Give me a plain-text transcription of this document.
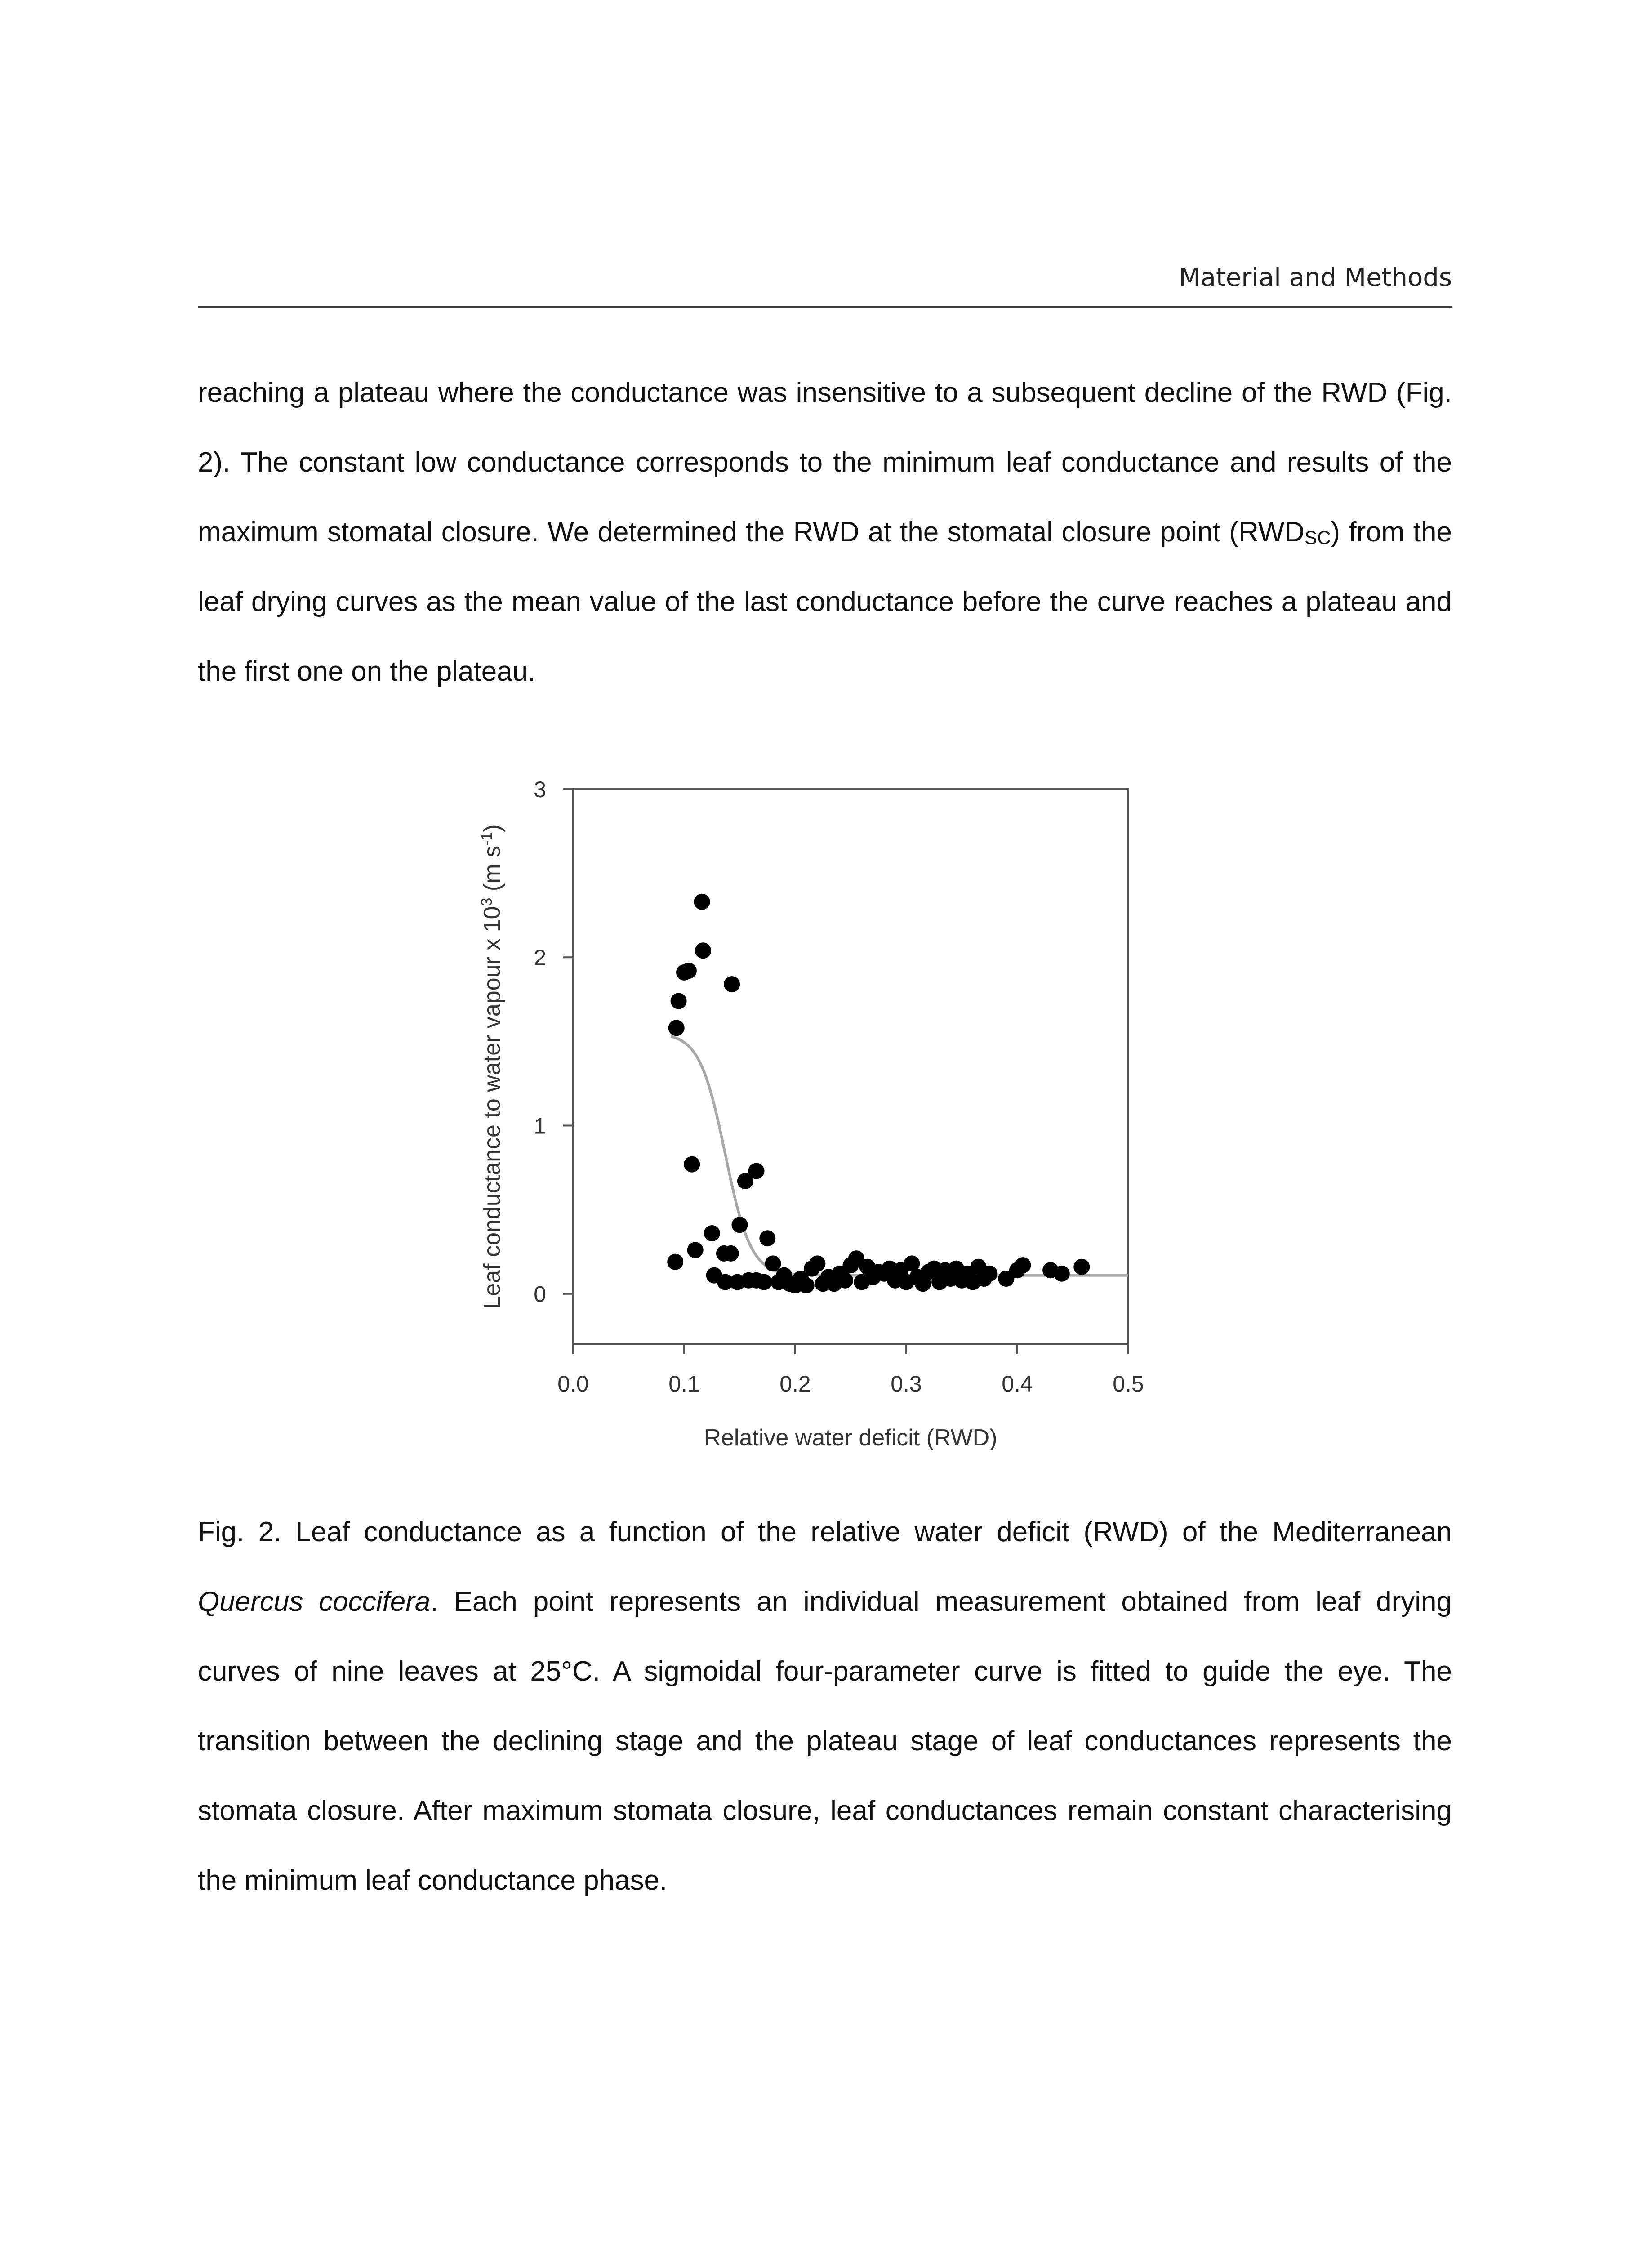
Material and Methods

reaching a plateau where the conductance was insensitive to a subsequent decline of the RWD (Fig. 2). The constant low conductance corresponds to the minimum leaf conductance and results of the maximum stomatal closure. We determined the RWD at the stomatal closure point $(RWD_{SC})$ from the leaf drying curves as the mean value of the last conductance before the curve reaches a plateau and the first one on the plateau.

0.0	0.1	0.2	0.3	0.4	0.5
0
1
2
3
Relative water deficit (RWD)
Leaf conductance to water vapour x $10^3$ (m $s^{-1}$)

Fig. 2. Leaf conductance as a function of the relative water deficit (RWD) of the Mediterranean Quercus coccifera. Each point represents an individual measurement obtained from leaf drying curves of nine leaves at 25°C. A sigmoidal four-parameter curve is fitted to guide the eye. The transition between the declining stage and the plateau stage of leaf conductances represents the stomata closure. After maximum stomata closure, leaf conductances remain constant characterising the minimum leaf conductance phase.
